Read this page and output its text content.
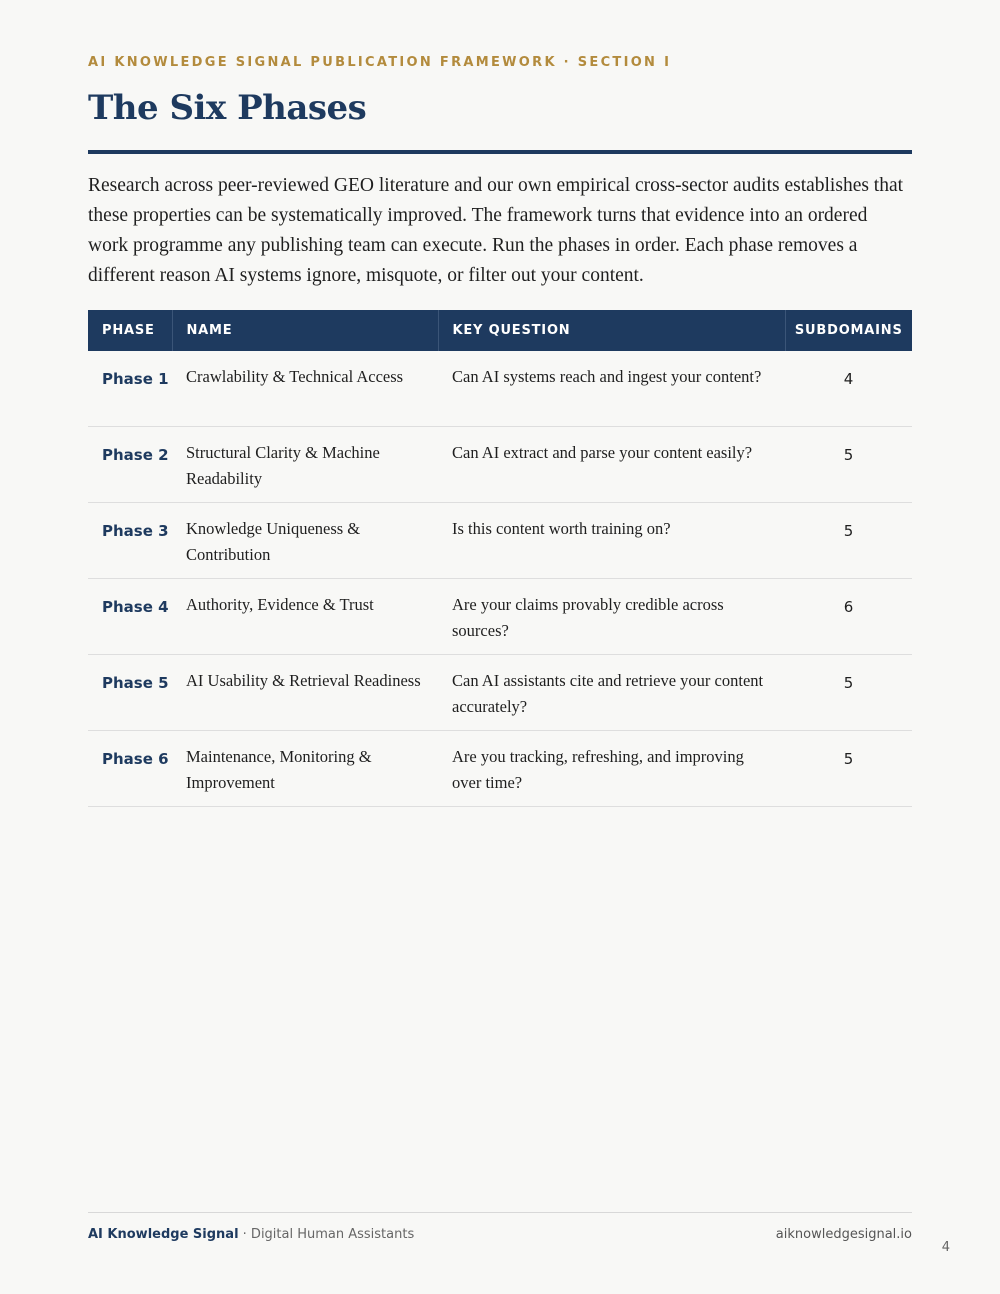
AI KNOWLEDGE SIGNAL PUBLICATION FRAMEWORK · SECTION I
The Six Phases

Research across peer-reviewed GEO literature and our own empirical cross-sector audits establishes that these properties can be systematically improved. The framework turns that evidence into an ordered work programme any publishing team can execute. Run the phases in order. Each phase removes a different reason AI systems ignore, misquote, or filter out your content.

PHASE	NAME	KEY QUESTION	SUBDOMAINS
Phase 1	Crawlability & Technical Access	Can AI systems reach and ingest your content?	4
Phase 2	Structural Clarity & Machine Readability	Can AI extract and parse your content easily?	5
Phase 3	Knowledge Uniqueness & Contribution	Is this content worth training on?	5
Phase 4	Authority, Evidence & Trust	Are your claims provably credible across sources?	6
Phase 5	AI Usability & Retrieval Readiness	Can AI assistants cite and retrieve your content accurately?	5
Phase 6	Maintenance, Monitoring & Improvement	Are you tracking, refreshing, and improving over time?	5
AI Knowledge Signal · Digital Human Assistants	aiknowledgesignal.io
4
